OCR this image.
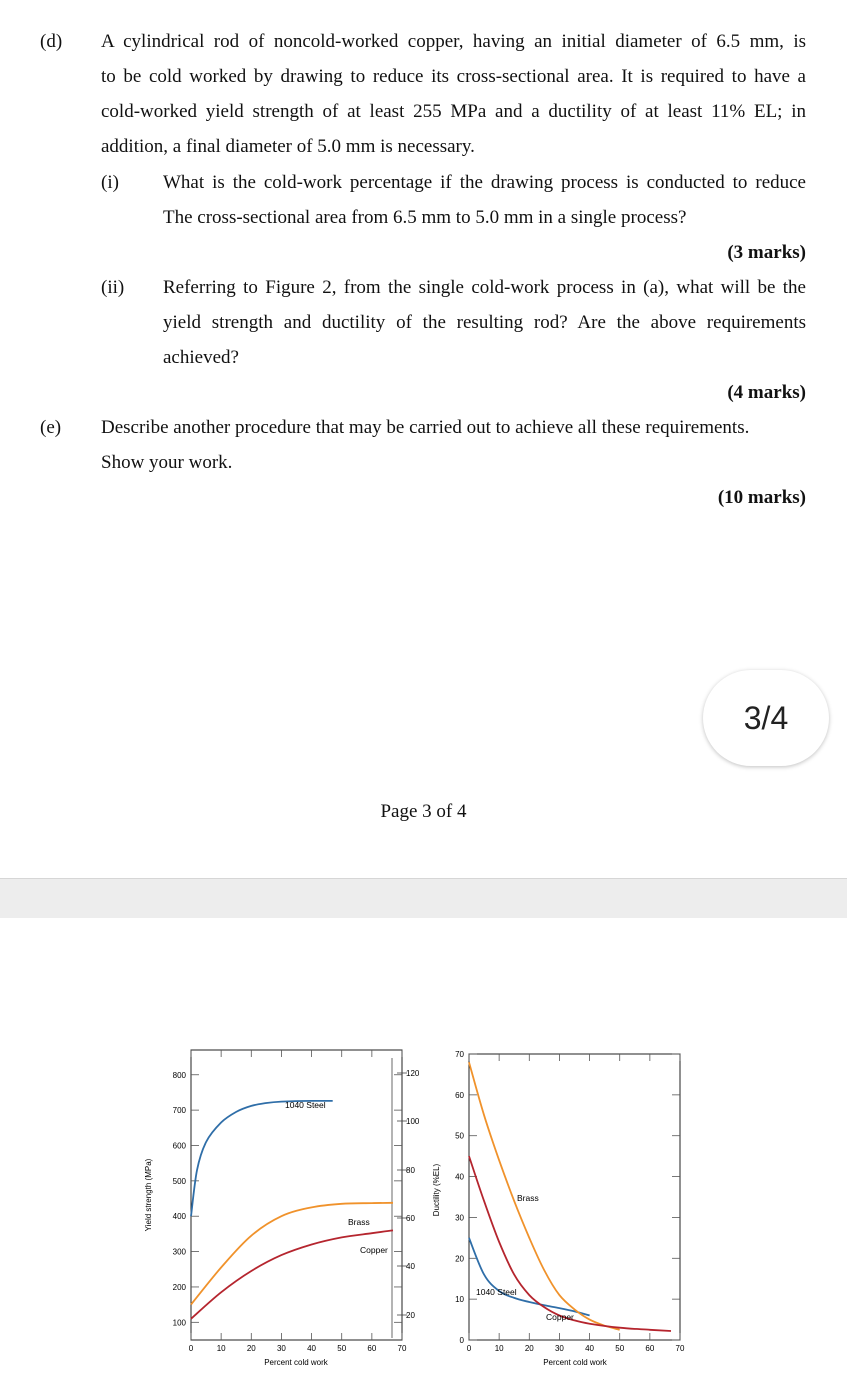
(d) A cylindrical rod of noncold-worked copper, having an initial diameter of 6.5 mm, is
to be cold worked by drawing to reduce its cross-sectional area. It is required to have a
cold-worked yield strength of at least 255 MPa and a ductility of at least 11% EL; in
addition, a final diameter of 5.0 mm is necessary.
(i) What is the cold-work percentage if the drawing process is conducted to reduce
The cross-sectional area from 6.5 mm to 5.0 mm in a single process?
(3 marks)
(ii) Referring to Figure 2, from the single cold-work process in (a), what will be the
yield strength and ductility of the resulting rod? Are the above requirements
achieved?
(4 marks)
(e) Describe another procedure that may be carried out to achieve all these requirements.
Show your work.
(10 marks)
3/4
Page 3 of 4
100
200
300
400
500
600
700
800
0	10	20	30	40	50	60	70
120
100
80
60
40
20
Yield strength (MPa)
Percent cold work
1040 Steel
Brass
Copper
0
10
20
30
40
50
60
70
0	10	20	30	40	50	60	70
Ductility (%EL)
Percent cold work
1040 Steel
Brass
Copper
